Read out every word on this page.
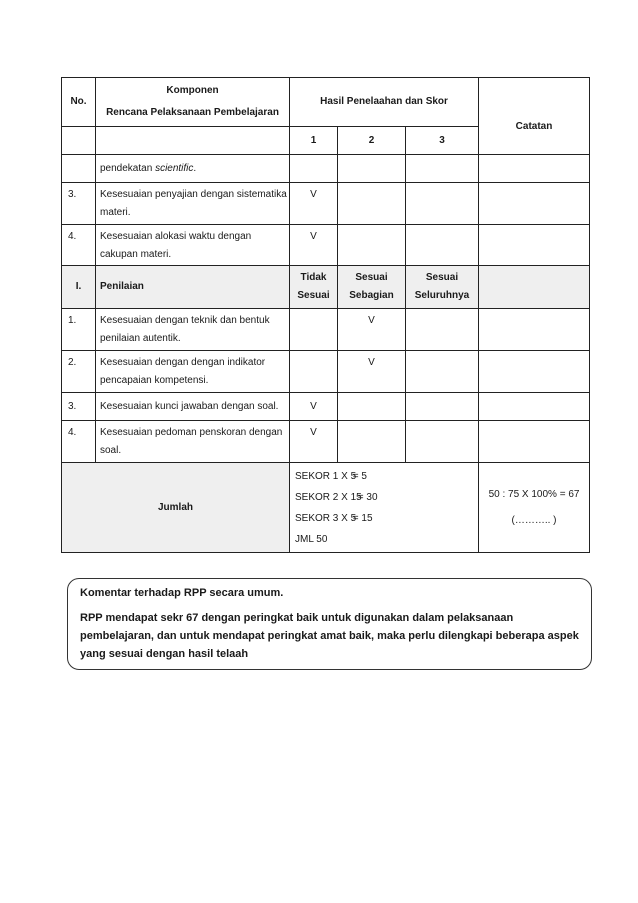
No.	Komponen
Rencana Pelaksanaan Pembelajaran	Hasil Penelaahan dan Skor			Catatan
		1	2	3	
	pendekatan scientific.				
3.	Kesesuaian penyajian dengan sistematika materi.	V			
4.	Kesesuaian alokasi waktu dengan cakupan materi.	V			
I.	Penilaian	Tidak Sesuai	Sesuai Sebagian	Sesuai Seluruhnya	
1.	Kesesuaian dengan teknik dan bentuk penilaian autentik.		V		
2.	Kesesuaian dengan dengan indikator pencapaian kompetensi.		V		
3.	Kesesuaian kunci jawaban dengan soal.	V			
4.	Kesesuaian pedoman penskoran dengan soal.	V			
Jumlah		SEKOR 1 X 5 = 5
SEKOR 2 X 15 = 30
SEKOR 3 X 5 = 15
JML 50			50 : 75 X 100% = 67
(……….. )
Komentar terhadap RPP secara umum.
RPP mendapat sekr 67 dengan peringkat baik untuk digunakan dalam pelaksanaan pembelajaran, dan untuk mendapat peringkat amat baik, maka perlu dilengkapi beberapa aspek yang sesuai dengan hasil telaah
